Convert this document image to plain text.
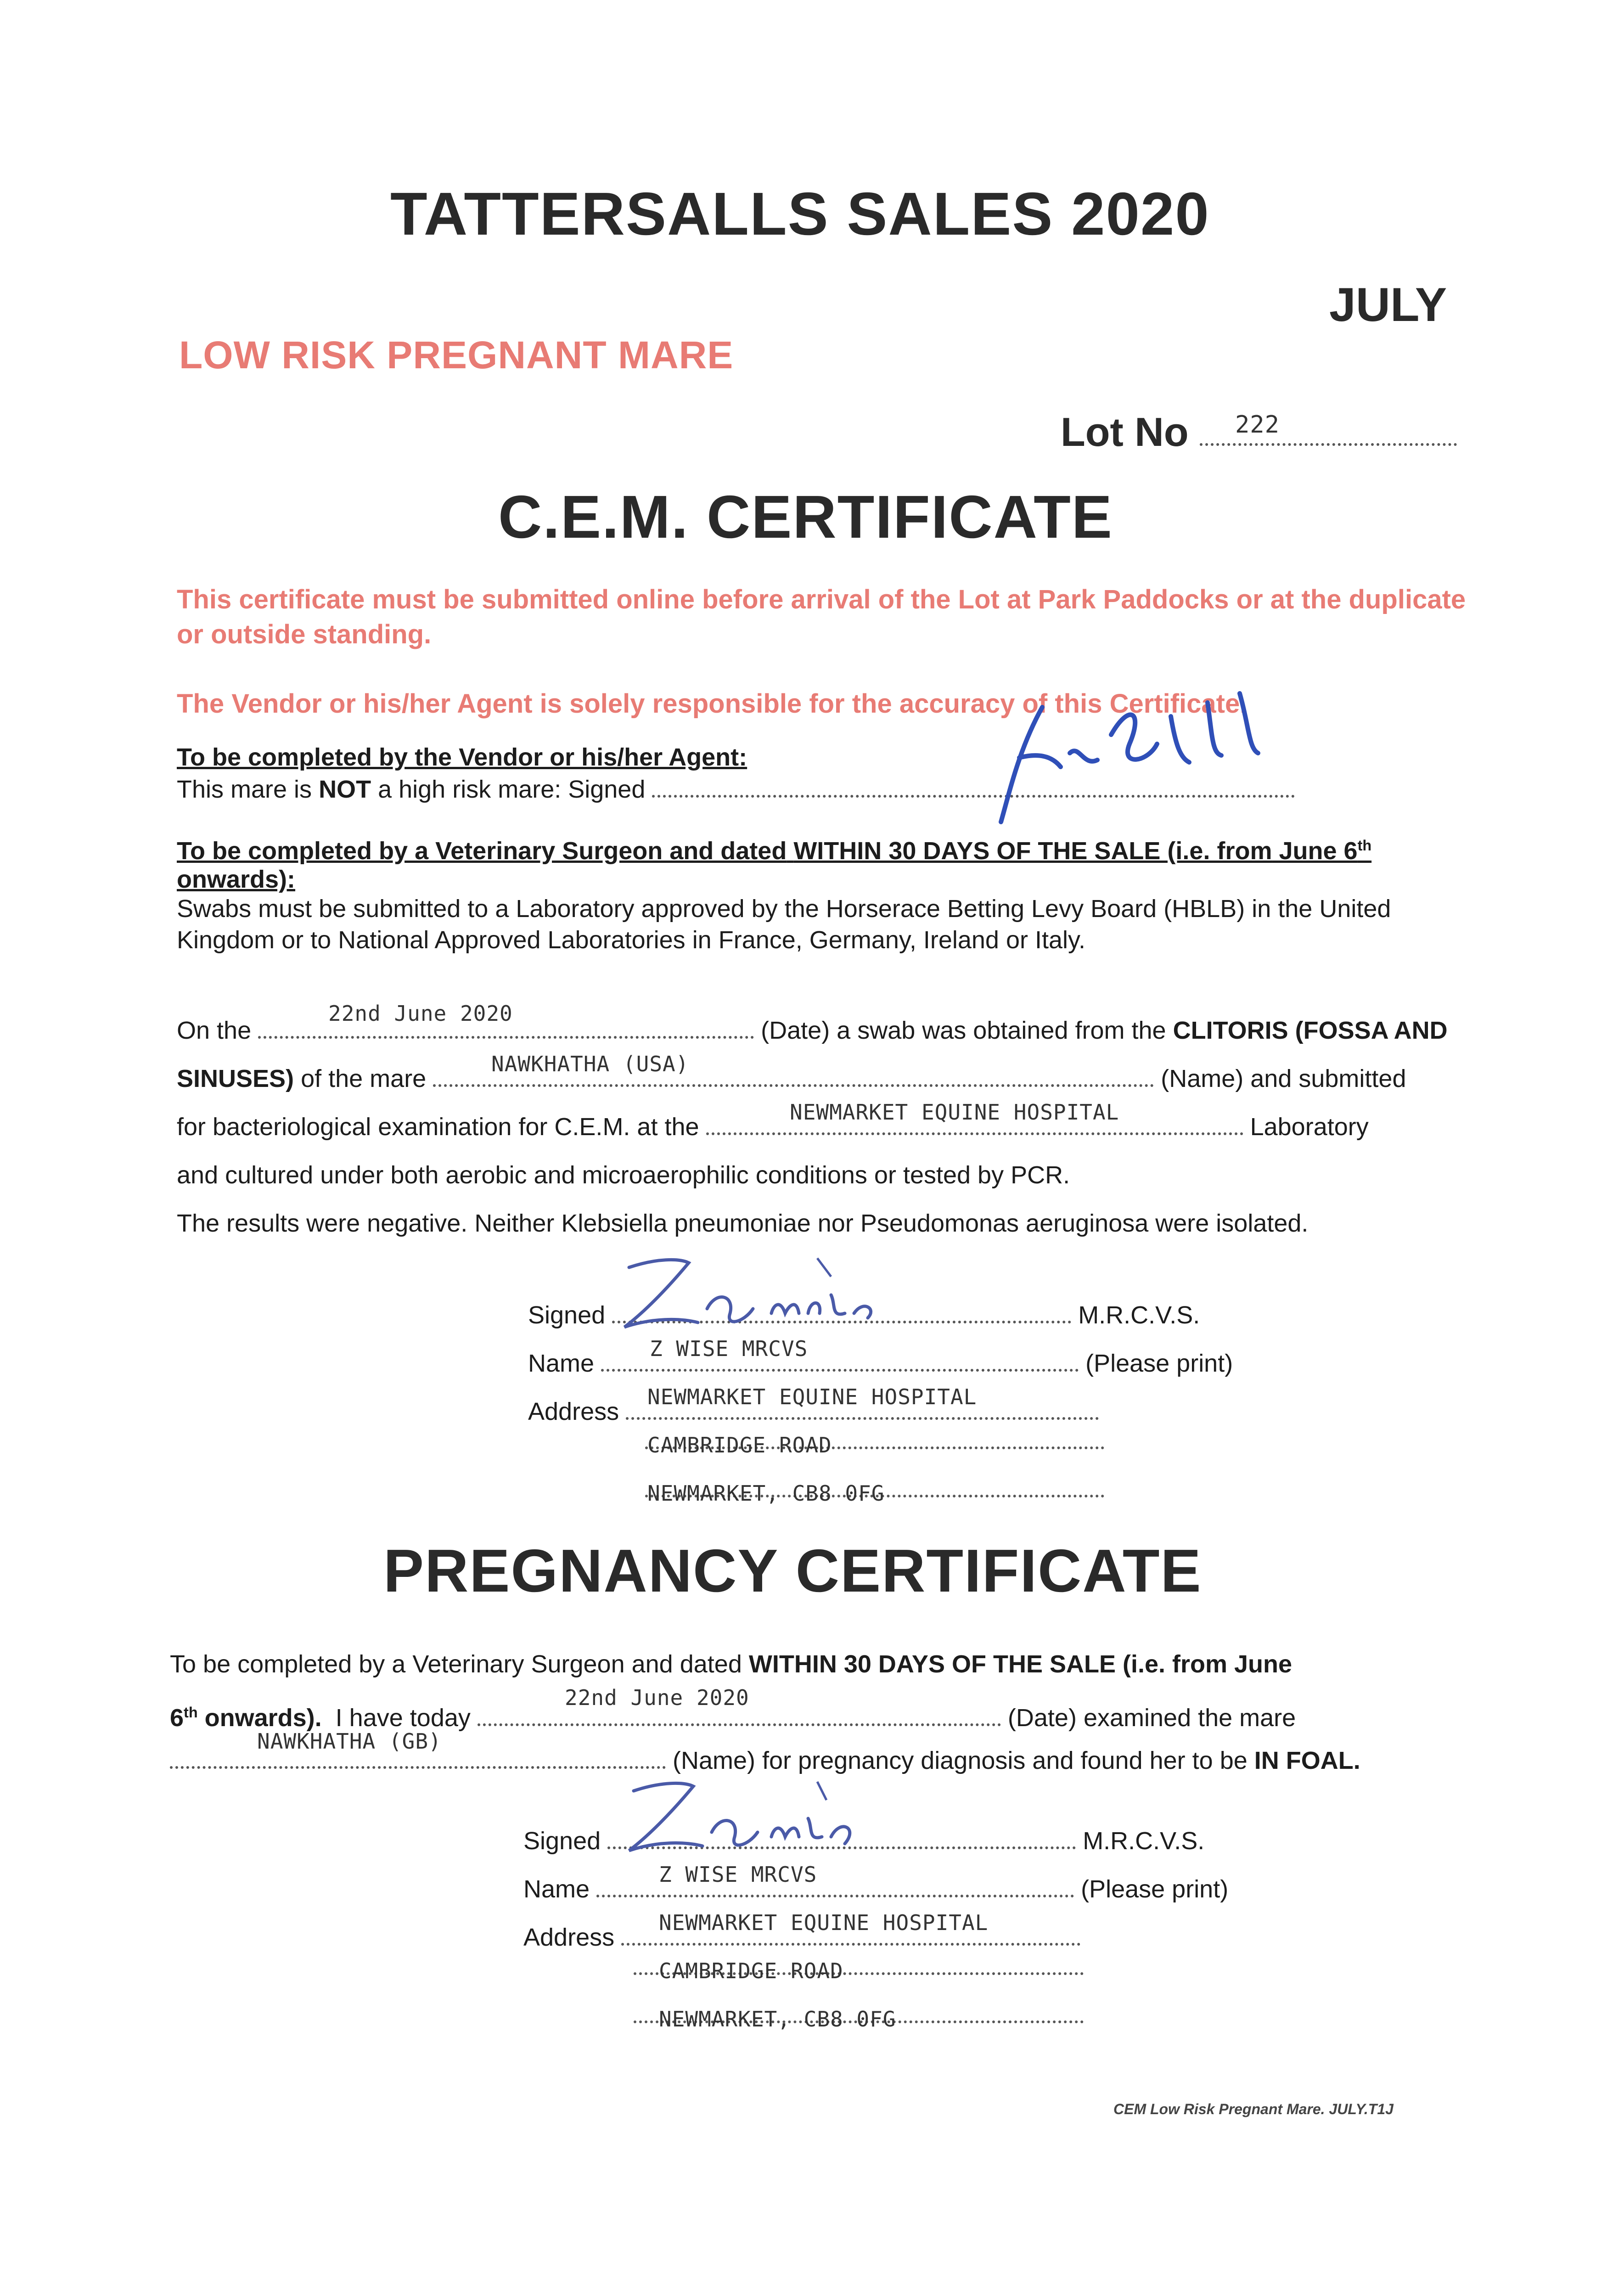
TATTERSALLS SALES 2020
JULY
LOW RISK PREGNANT MARE
Lot No	222
C.E.M. CERTIFICATE
This certificate must be submitted online before arrival of the Lot at Park Paddocks or at the duplicate or outside standing.
The Vendor or his/her Agent is solely responsible for the accuracy of this Certificate.
To be completed by the Vendor or his/her Agent:
This mare is NOT a high risk mare: Signed
To be completed by a Veterinary Surgeon and dated WITHIN 30 DAYS OF THE SALE (i.e. from June 6th onwards):
Swabs must be submitted to a Laboratory approved by the Horserace Betting Levy Board (HBLB) in the United Kingdom or to National Approved Laboratories in France, Germany, Ireland or Italy.
On the	(Date) a swab was obtained from the CLITORIS (FOSSA AND
22nd June 2020
SINUSES) of the mare	(Name) and submitted
NAWKHATHA (USA)
for bacteriological examination for C.E.M. at the	Laboratory
NEWMARKET EQUINE HOSPITAL
and cultured under both aerobic and microaerophilic conditions or tested by PCR.
The results were negative. Neither Klebsiella pneumoniae nor Pseudomonas aeruginosa were isolated.
Signed	M.R.C.V.S.
Name	(Please print)
Z WISE MRCVS
Address
NEWMARKET EQUINE HOSPITAL
CAMBRIDGE ROAD
NEWMARKET, CB8 0FG
PREGNANCY CERTIFICATE
To be completed by a Veterinary Surgeon and dated WITHIN 30 DAYS OF THE SALE (i.e. from June
6th onwards). I have today	(Date) examined the mare
22nd June 2020
(Name) for pregnancy diagnosis and found her to be IN FOAL.
NAWKHATHA (GB)
Signed	M.R.C.V.S.
Name	(Please print)
Z WISE MRCVS
Address
NEWMARKET EQUINE HOSPITAL
CAMBRIDGE ROAD
NEWMARKET, CB8 0FG
CEM Low Risk Pregnant Mare. JULY.T1J
